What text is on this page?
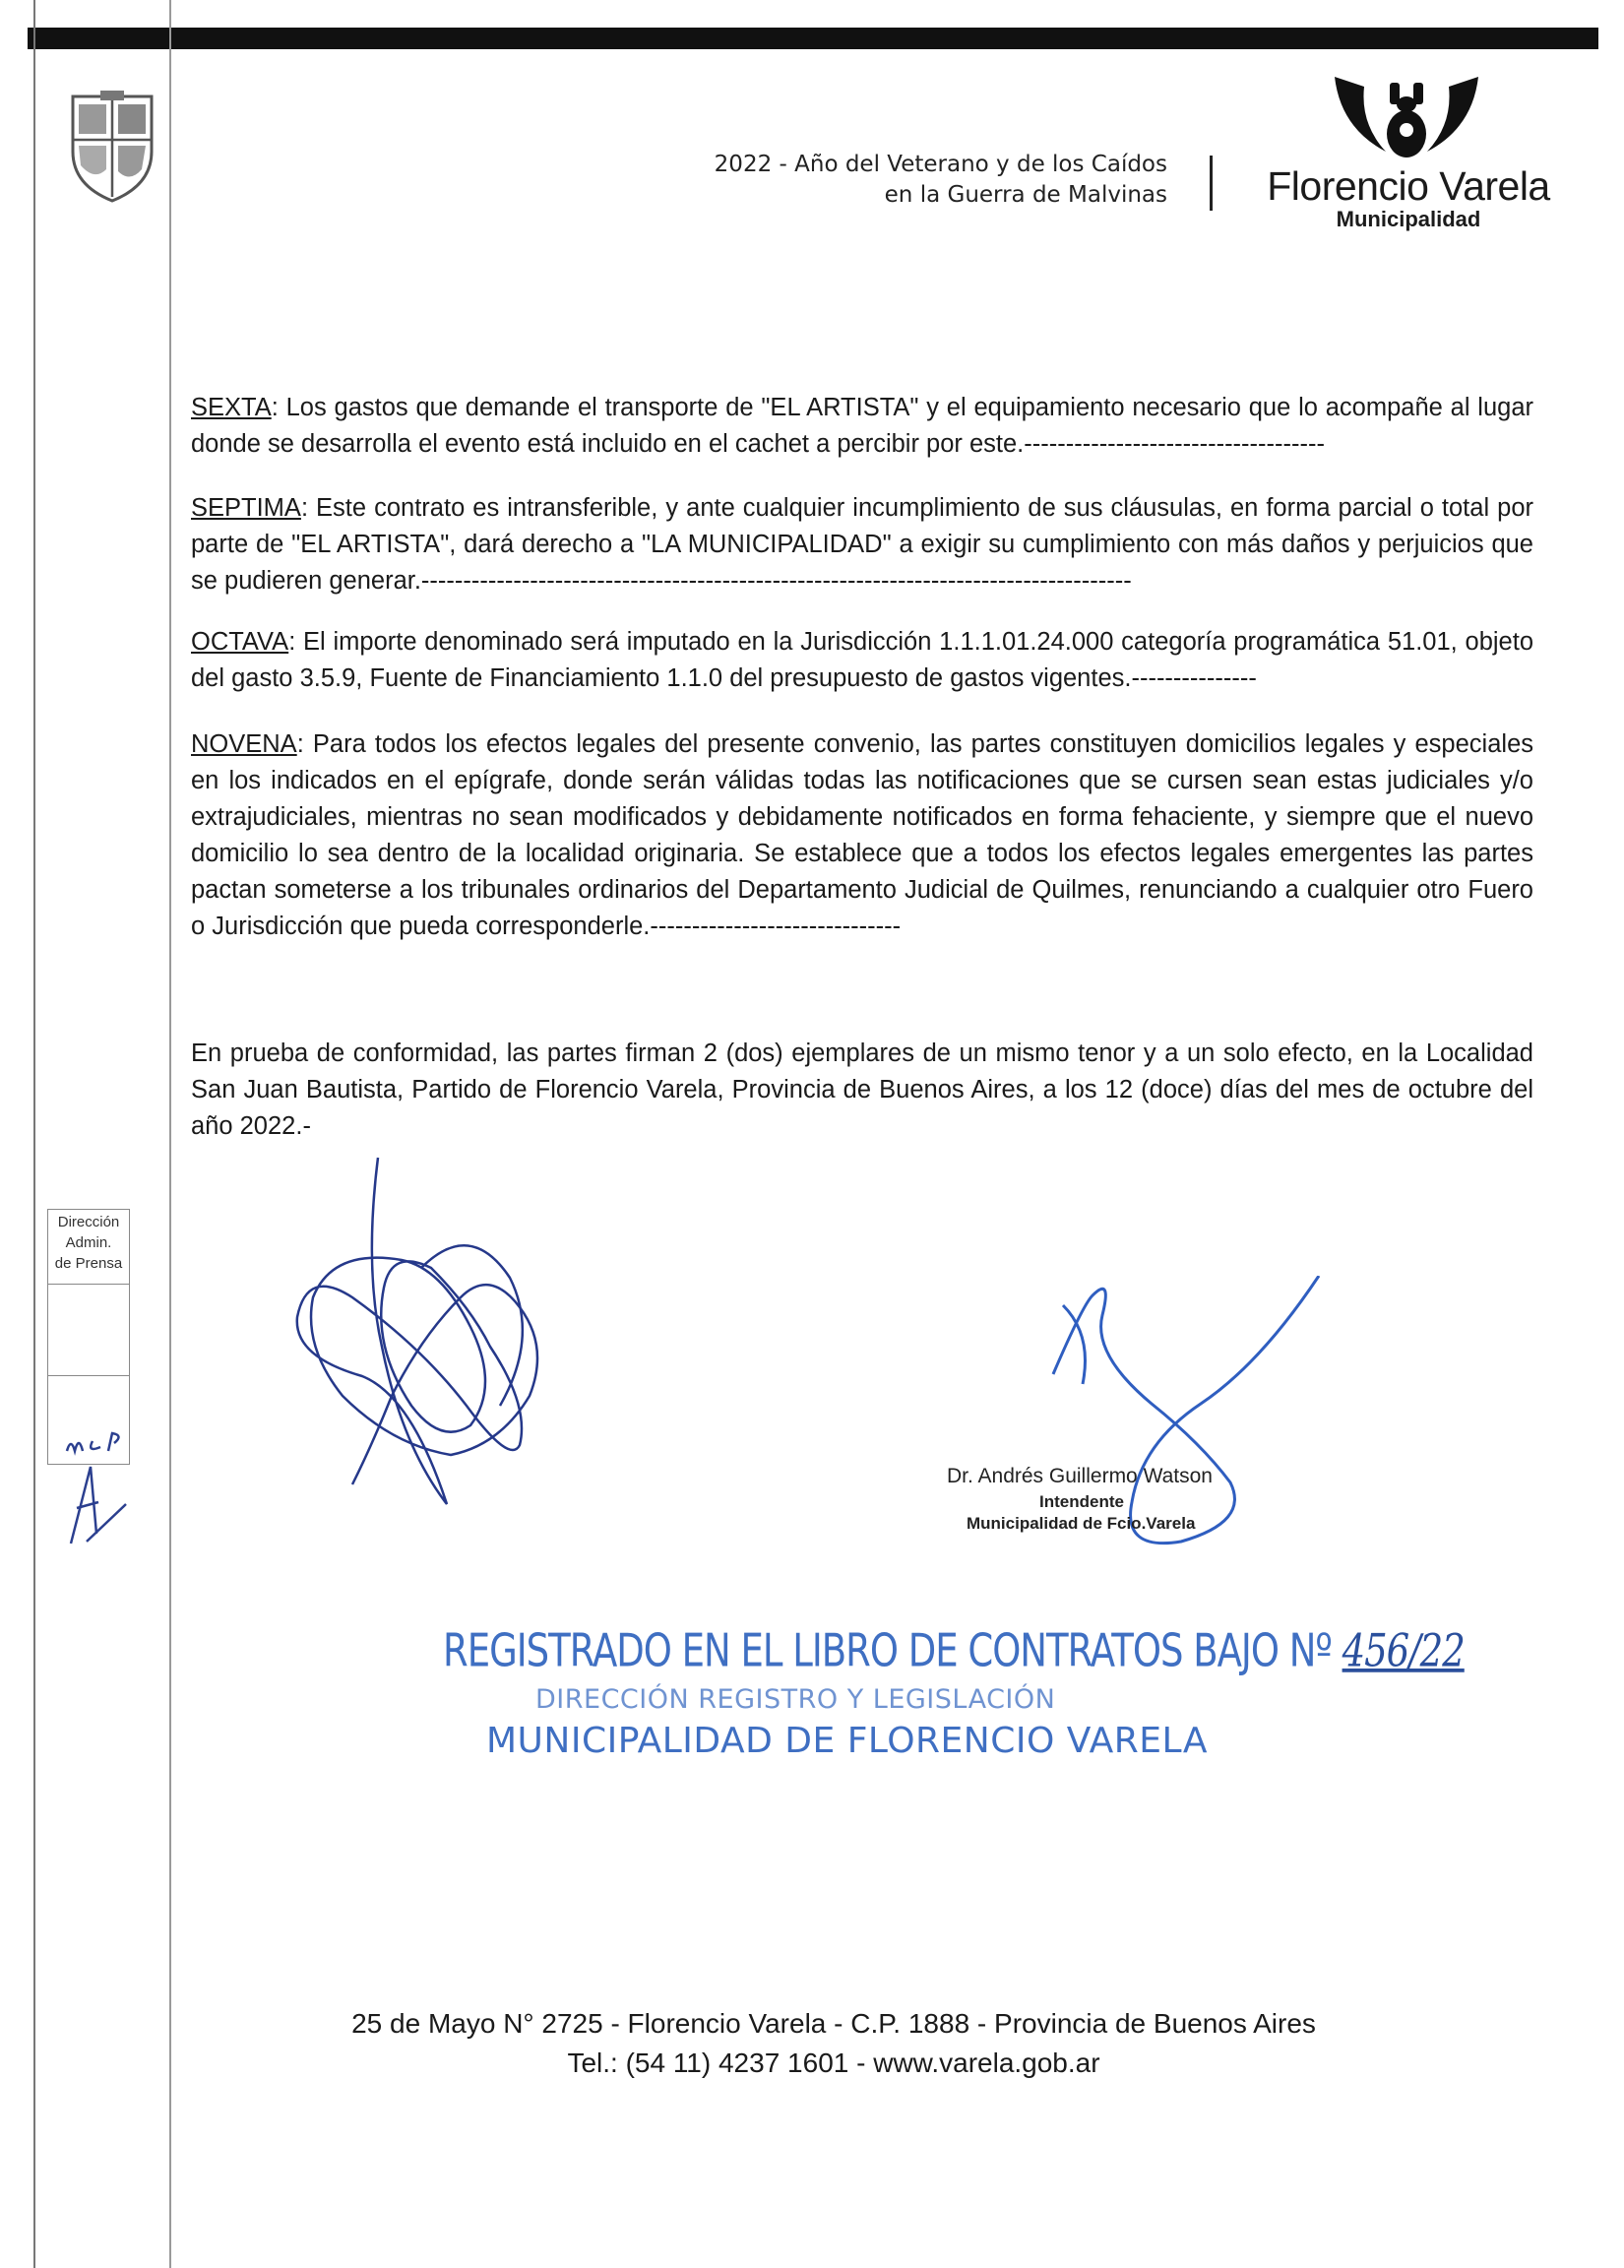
2022 - Año del Veterano y de los Caídos
en la Guerra de Malvinas	Florencio Varela
Municipalidad
SEXTA: Los gastos que demande el transporte de "EL ARTISTA" y el equipamiento necesario que lo acompañe al lugar donde se desarrolla el evento está incluido en el cachet a percibir por este.------------------------------------
SEPTIMA: Este contrato es intransferible, y ante cualquier incumplimiento de sus cláusulas, en forma parcial o total por parte de "EL ARTISTA", dará derecho a "LA MUNICIPALIDAD" a exigir su cumplimiento con más daños y perjuicios que se pudieren generar.-------------------------------------------------------------------------------------
OCTAVA: El importe denominado será imputado en la Jurisdicción 1.1.1.01.24.000 categoría programática 51.01, objeto del gasto 3.5.9, Fuente de Financiamiento 1.1.0 del presupuesto de gastos vigentes.---------------
NOVENA: Para todos los efectos legales del presente convenio, las partes constituyen domicilios legales y especiales en los indicados en el epígrafe, donde serán válidas todas las notificaciones que se cursen sean estas judiciales y/o extrajudiciales, mientras no sean modificados y debidamente notificados en forma fehaciente, y siempre que el nuevo domicilio lo sea dentro de la localidad originaria. Se establece que a todos los efectos legales emergentes las partes pactan someterse a los tribunales ordinarios del Departamento Judicial de Quilmes, renunciando a cualquier otro Fuero o Jurisdicción que pueda corresponderle.------------------------------
En prueba de conformidad, las partes firman 2 (dos) ejemplares de un mismo tenor y a un solo efecto, en la Localidad San Juan Bautista, Partido de Florencio Varela, Provincia de Buenos Aires, a los 12 (doce) días del mes de octubre del año 2022.-
Dirección
Admin.
de Prensa
Dr. Andrés Guillermo Watson
Intendente
Municipalidad de Fcio.Varela
REGISTRADO EN EL LIBRO DE CONTRATOS BAJO Nº 456/22
DIRECCIÓN REGISTRO Y LEGISLACIÓN
MUNICIPALIDAD DE FLORENCIO VARELA
25 de Mayo N° 2725 - Florencio Varela - C.P. 1888 - Provincia de Buenos Aires
Tel.: (54 11) 4237 1601 - www.varela.gob.ar
